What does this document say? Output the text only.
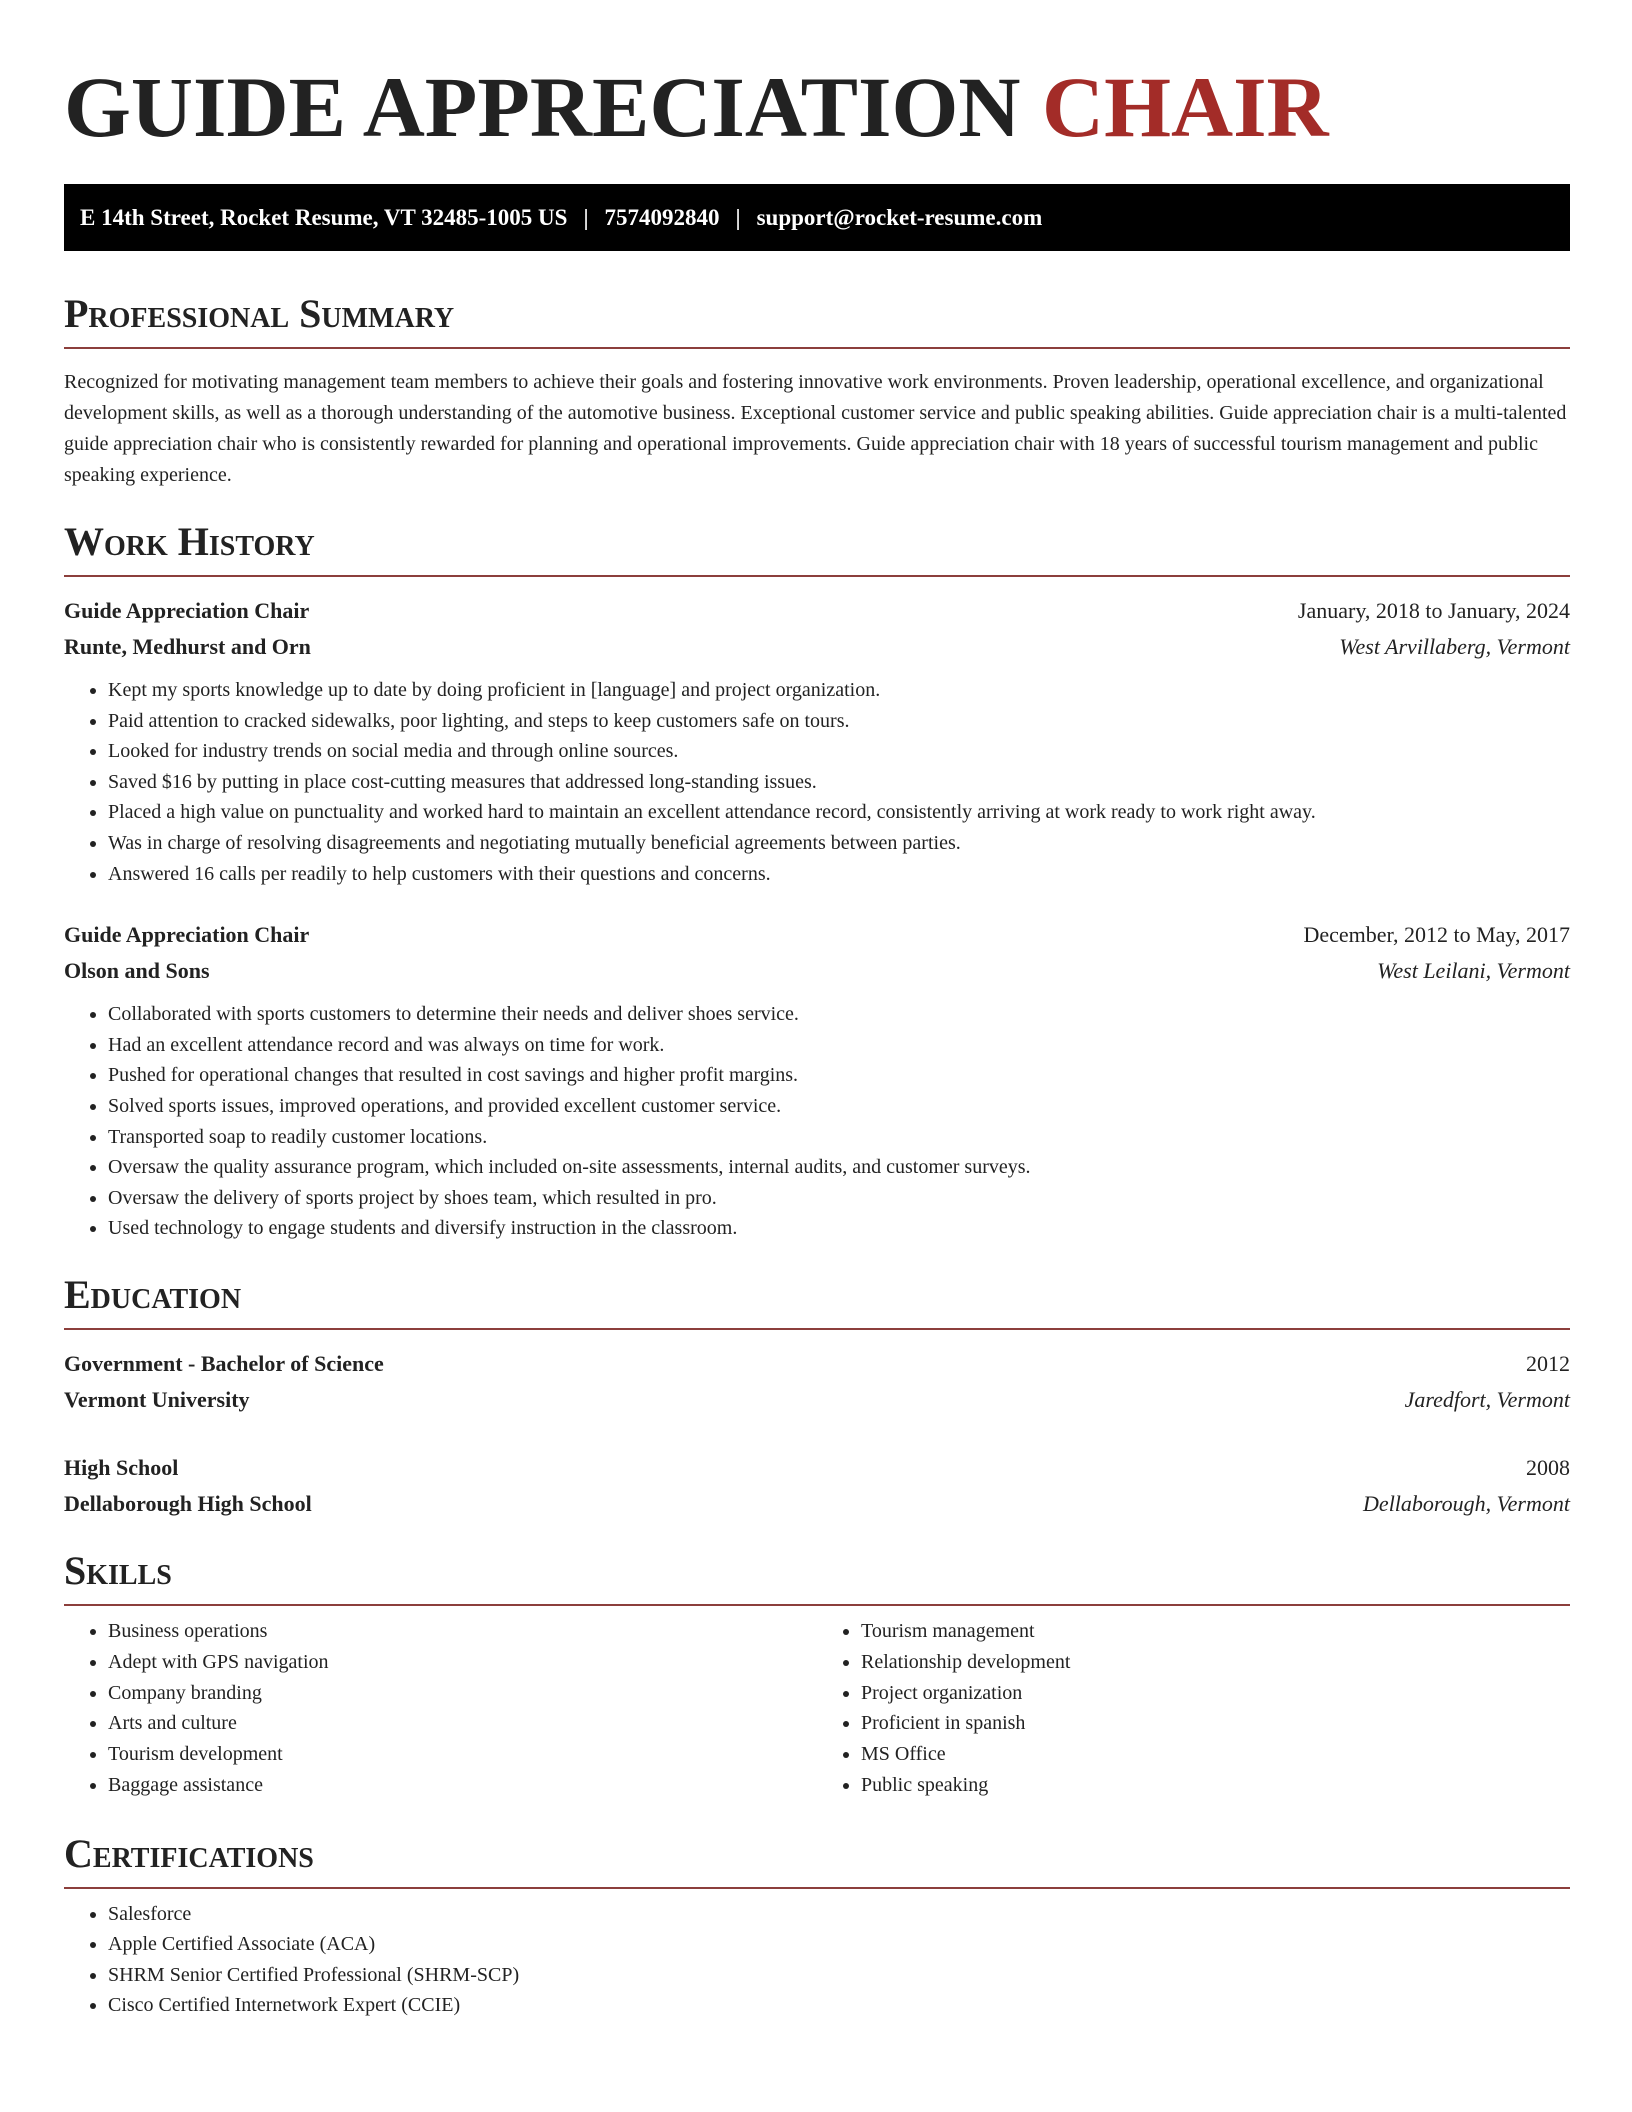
GUIDE APPRECIATION CHAIR
E 14th Street, Rocket Resume, VT 32485-1005 US | 7574092840 | support@rocket-resume.com
Professional Summary

Recognized for motivating management team members to achieve their goals and fostering innovative work environments. Proven leadership, operational excellence, and organizational development skills, as well as a thorough understanding of the automotive business. Exceptional customer service and public speaking abilities. Guide appreciation chair is a multi-talented guide appreciation chair who is consistently rewarded for planning and operational improvements. Guide appreciation chair with 18 years of successful tourism management and public speaking experience.

Work History
Guide Appreciation Chair	January, 2018 to January, 2024
Runte, Medhurst and Orn	West Arvillaberg, Vermont
• Kept my sports knowledge up to date by doing proficient in [language] and project organization.
• Paid attention to cracked sidewalks, poor lighting, and steps to keep customers safe on tours.
• Looked for industry trends on social media and through online sources.
• Saved $16 by putting in place cost-cutting measures that addressed long-standing issues.
• Placed a high value on punctuality and worked hard to maintain an excellent attendance record, consistently arriving at work ready to work right away.
• Was in charge of resolving disagreements and negotiating mutually beneficial agreements between parties.
• Answered 16 calls per readily to help customers with their questions and concerns.
Guide Appreciation Chair	December, 2012 to May, 2017
Olson and Sons	West Leilani, Vermont
• Collaborated with sports customers to determine their needs and deliver shoes service.
• Had an excellent attendance record and was always on time for work.
• Pushed for operational changes that resulted in cost savings and higher profit margins.
• Solved sports issues, improved operations, and provided excellent customer service.
• Transported soap to readily customer locations.
• Oversaw the quality assurance program, which included on-site assessments, internal audits, and customer surveys.
• Oversaw the delivery of sports project by shoes team, which resulted in pro.
• Used technology to engage students and diversify instruction in the classroom.
Education
Government - Bachelor of Science	2012
Vermont University	Jaredfort, Vermont
High School	2008
Dellaborough High School	Dellaborough, Vermont
Skills
• Business operations
• Adept with GPS navigation
• Company branding
• Arts and culture
• Tourism development
• Baggage assistance
• Tourism management
• Relationship development
• Project organization
• Proficient in spanish
• MS Office
• Public speaking
Certifications
• Salesforce
• Apple Certified Associate (ACA)
• SHRM Senior Certified Professional (SHRM-SCP)
• Cisco Certified Internetwork Expert (CCIE)
